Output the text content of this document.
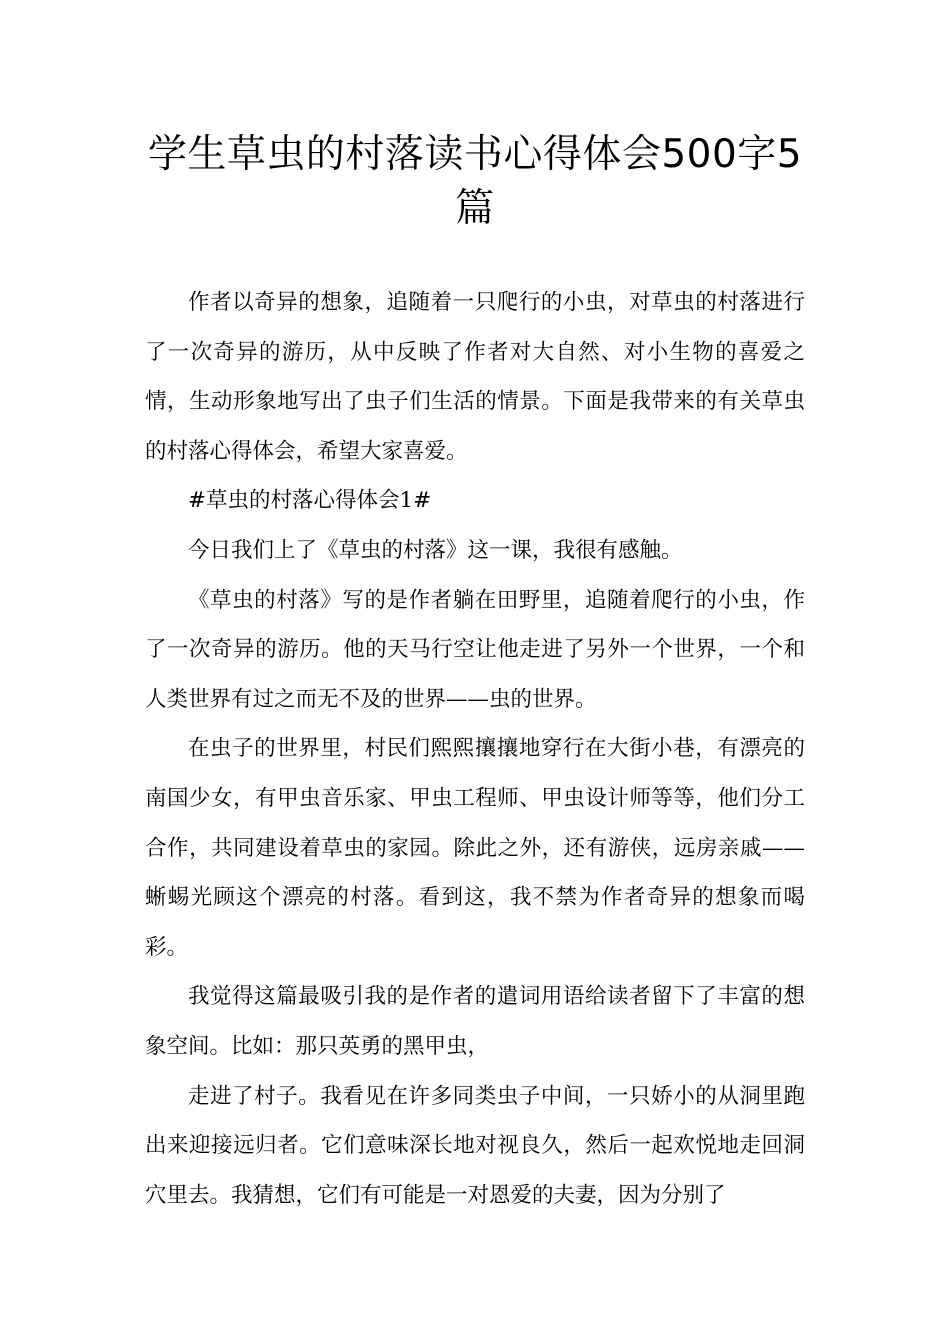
学生草虫的村落读书心得体会500字5
篇

作者以奇异的想象，追随着一只爬行的小虫，对草虫的村落进行了一次奇异的游历，从中反映了作者对大自然、对小生物的喜爱之情，生动形象地写出了虫子们生活的情景。下面是我带来的有关草虫的村落心得体会，希望大家喜爱。

#草虫的村落心得体会1#

今日我们上了《草虫的村落》这一课，我很有感触。

《草虫的村落》写的是作者躺在田野里，追随着爬行的小虫，作了一次奇异的游历。他的天马行空让他走进了另外一个世界，一个和人类世界有过之而无不及的世界——虫的世界。

在虫子的世界里，村民们熙熙攘攘地穿行在大街小巷，有漂亮的南国少女，有甲虫音乐家、甲虫工程师、甲虫设计师等等，他们分工合作，共同建设着草虫的家园。除此之外，还有游侠，远房亲戚——蜥蜴光顾这个漂亮的村落。看到这，我不禁为作者奇异的想象而喝彩。

我觉得这篇最吸引我的是作者的遣词用语给读者留下了丰富的想象空间。比如：那只英勇的黑甲虫，

走进了村子。我看见在许多同类虫子中间，一只娇小的从洞里跑出来迎接远归者。它们意味深长地对视良久，然后一起欢悦地走回洞穴里去。我猜想，它们有可能是一对恩爱的夫妻，因为分别了
